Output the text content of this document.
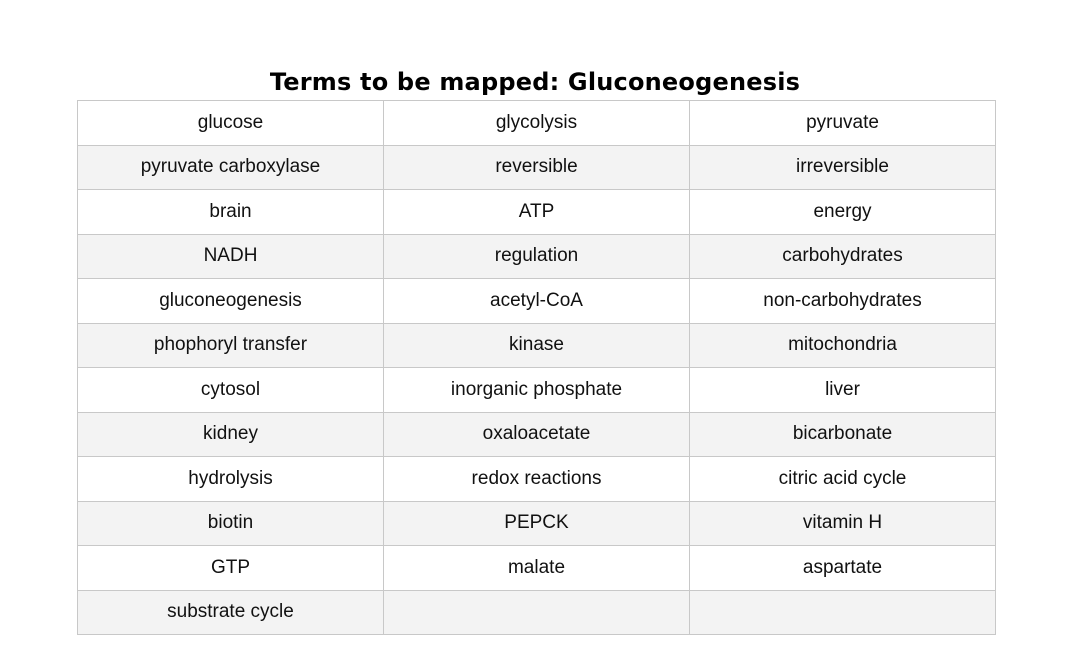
Terms to be mapped: Gluconeogenesis
glucose	glycolysis	pyruvate
pyruvate carboxylase	reversible	irreversible
brain	ATP	energy
NADH	regulation	carbohydrates
gluconeogenesis	acetyl-CoA	non-carbohydrates
phophoryl transfer	kinase	mitochondria
cytosol	inorganic phosphate	liver
kidney	oxaloacetate	bicarbonate
hydrolysis	redox reactions	citric acid cycle
biotin	PEPCK	vitamin H
GTP	malate	aspartate
substrate cycle		
